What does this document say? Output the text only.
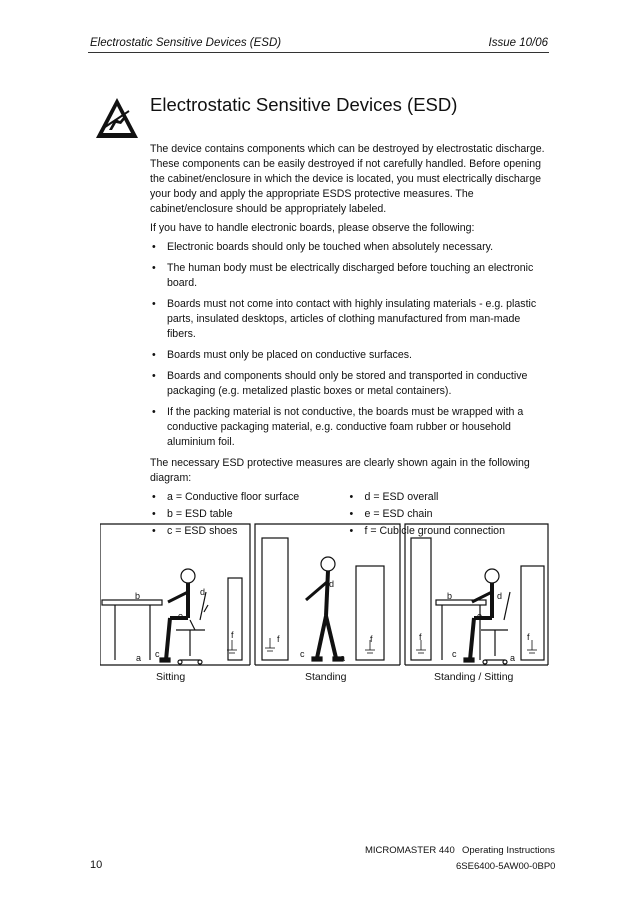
Electrostatic Sensitive Devices (ESD)	Issue 10/06
Electrostatic Sensitive Devices (ESD)

The device contains components which can be destroyed by electrostatic discharge. These components can be easily destroyed if not carefully handled. Before opening the cabinet/enclosure in which the device is located, you must electrically discharge your body and apply the appropriate ESDS protective measures. The cabinet/enclosure should be appropriately labeled.

If you have to handle electronic boards, please observe the following:

• Electronic boards should only be touched when absolutely necessary.
• The human body must be electrically discharged before touching an electronic board.
• Boards must not come into contact with highly insulating materials - e.g. plastic parts, insulated desktops, articles of clothing manufactured from man-made fibers.
• Boards must only be placed on conductive surfaces.
• Boards and components should only be stored and transported in conductive packaging (e.g. metalized plastic boxes or metal containers).
• If the packing material is not conductive, the boards must be wrapped with a conductive packaging material, e.g. conductive foam rubber or household aluminium foil.

The necessary ESD protective measures are clearly shown again in the following diagram:

• a = Conductive floor surface
• b = ESD table
• c = ESD shoes
• d = ESD overall
• e = ESD chain
• f = Cubicle ground connection
b	d
e
f
c
a
d
f	f
c	a
b	d
e
f	f
c	a
Sitting	Standing	Standing / Sitting
MICROMASTER 440 Operating Instructions
10	6SE6400-5AW00-0BP0
